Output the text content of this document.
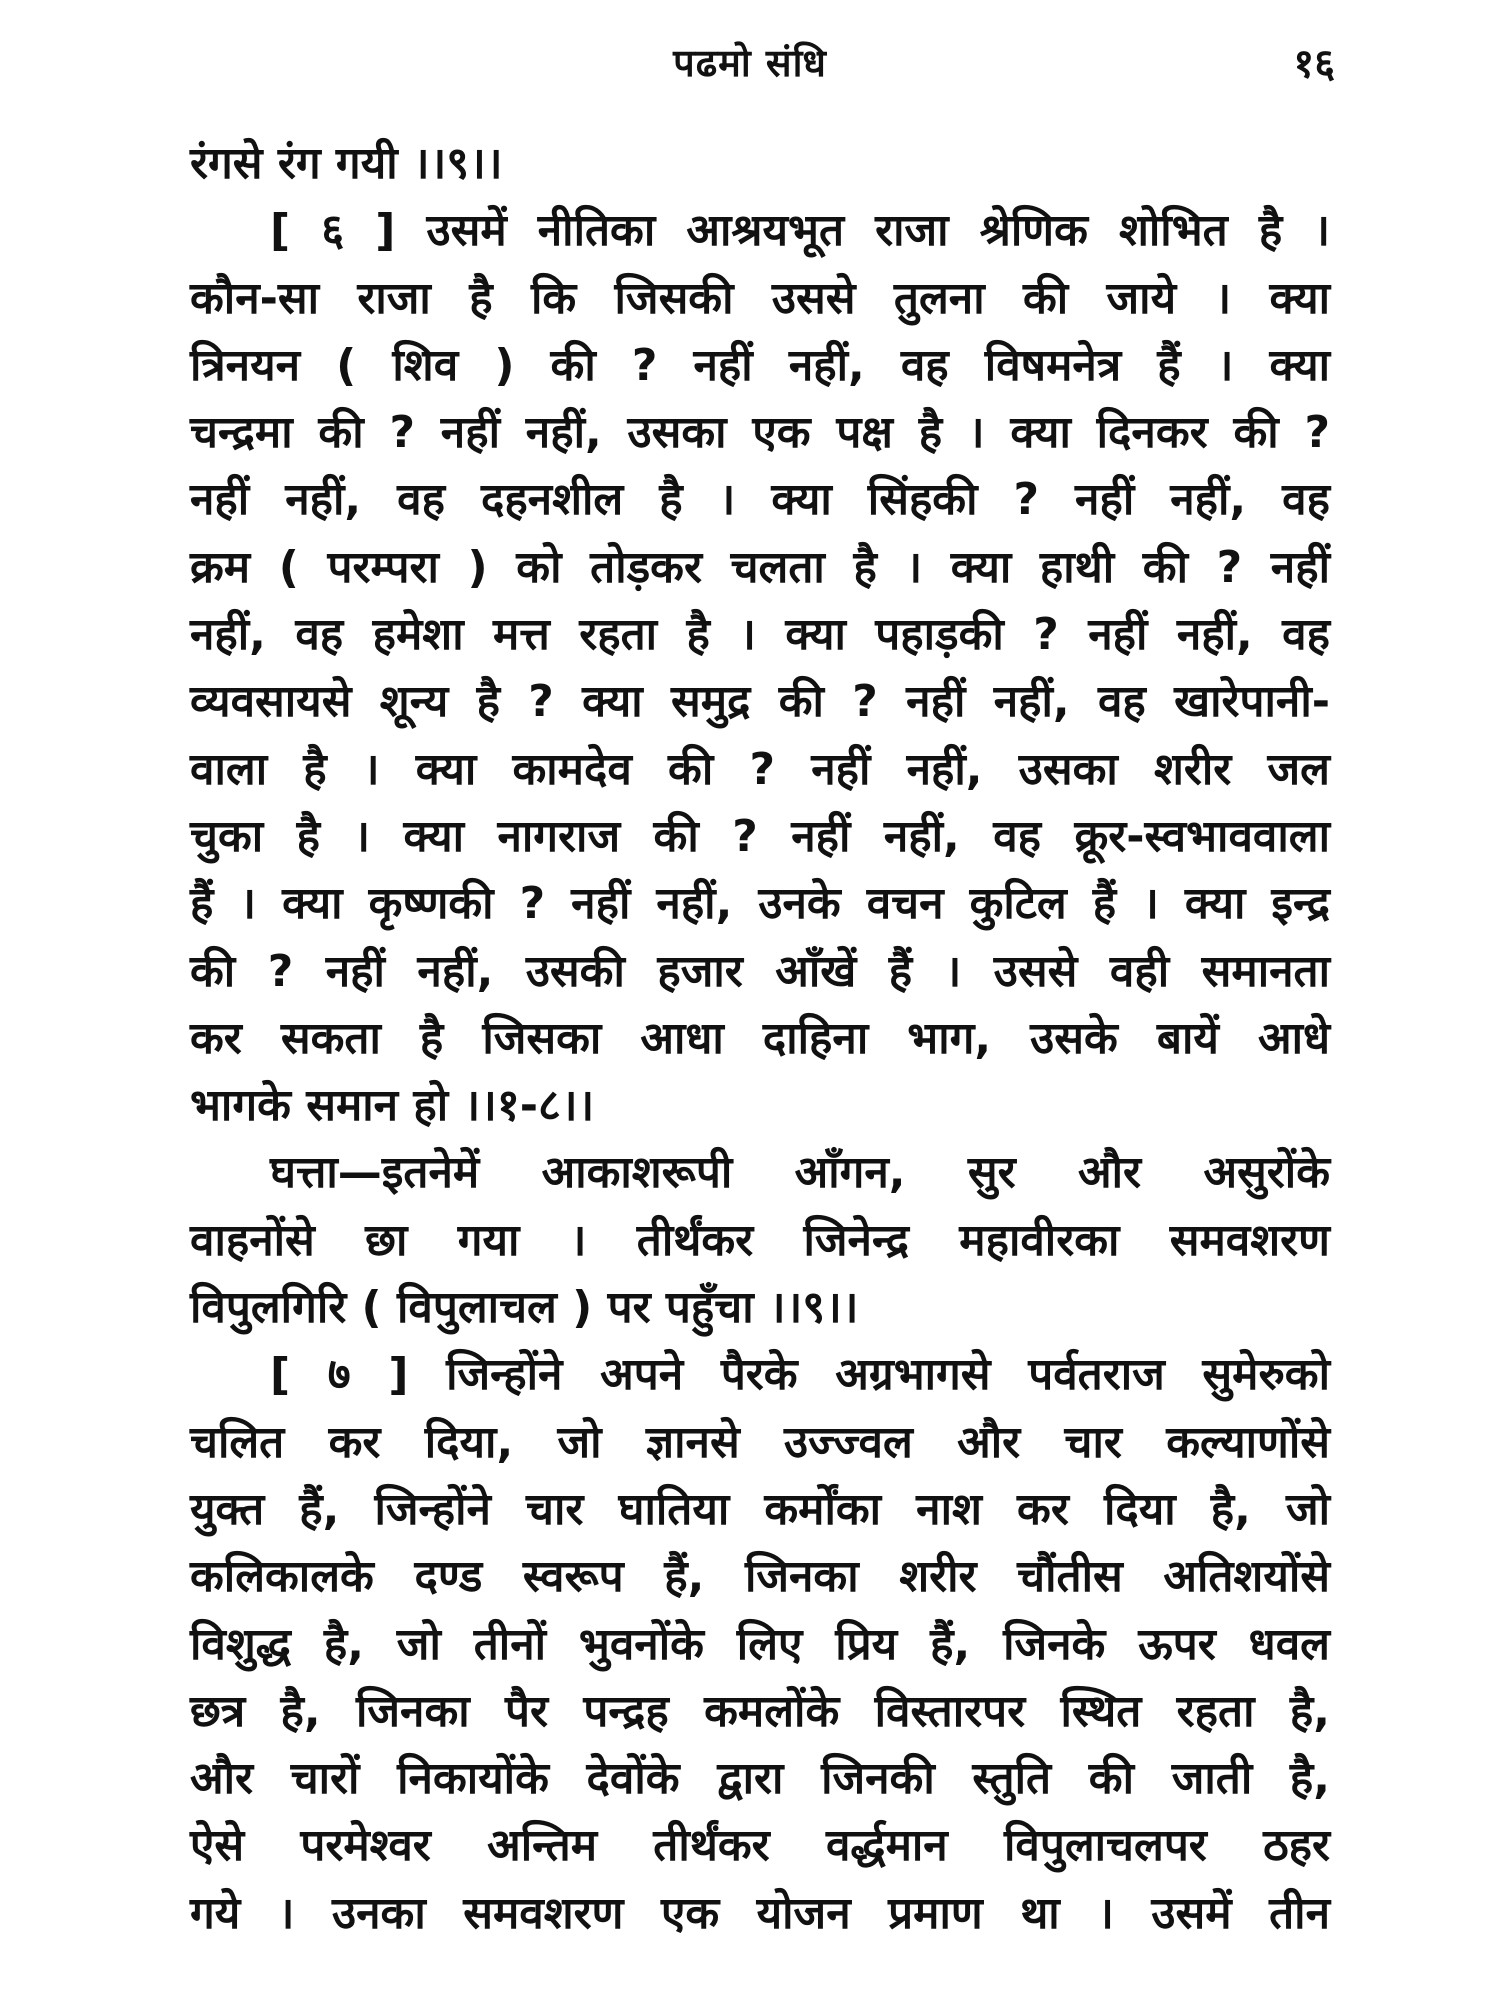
पढमो संधि	१६
रंगसे रंग गयी ।।९।।
[ ६ ] उसमें नीतिका आश्रयभूत राजा श्रेणिक शोभित है ।
कौन-सा राजा है कि जिसकी उससे तुलना की जाये । क्या
त्रिनयन ( शिव ) की ? नहीं नहीं, वह विषमनेत्र हैं । क्या
चन्द्रमा की ? नहीं नहीं, उसका एक पक्ष है । क्या दिनकर की ?
नहीं नहीं, वह दहनशील है । क्या सिंहकी ? नहीं नहीं, वह
क्रम ( परम्परा ) को तोड़कर चलता है । क्या हाथी की ? नहीं
नहीं, वह हमेशा मत्त रहता है । क्या पहाड़की ? नहीं नहीं, वह
व्यवसायसे शून्य है ? क्या समुद्र की ? नहीं नहीं, वह खारेपानी-
वाला है । क्या कामदेव की ? नहीं नहीं, उसका शरीर जल
चुका है । क्या नागराज की ? नहीं नहीं, वह क्रूर-स्वभाववाला
हैं । क्या कृष्णकी ? नहीं नहीं, उनके वचन कुटिल हैं । क्या इन्द्र
की ? नहीं नहीं, उसकी हजार आँखें हैं । उससे वही समानता
कर सकता है जिसका आधा दाहिना भाग, उसके बायें आधे
भागके समान हो ।।१-८।।
घत्ता—इतनेमें आकाशरूपी आँगन, सुर और असुरोंके
वाहनोंसे छा गया । तीर्थंकर जिनेन्द्र महावीरका समवशरण
विपुलगिरि ( विपुलाचल ) पर पहुँचा ।।९।।
[ ७ ] जिन्होंने अपने पैरके अग्रभागसे पर्वतराज सुमेरुको
चलित कर दिया, जो ज्ञानसे उज्ज्वल और चार कल्याणोंसे
युक्त हैं, जिन्होंने चार घातिया कर्मोंका नाश कर दिया है, जो
कलिकालके दण्ड स्वरूप हैं, जिनका शरीर चौंतीस अतिशयोंसे
विशुद्ध है, जो तीनों भुवनोंके लिए प्रिय हैं, जिनके ऊपर धवल
छत्र है, जिनका पैर पन्द्रह कमलोंके विस्तारपर स्थित रहता है,
और चारों निकायोंके देवोंके द्वारा जिनकी स्तुति की जाती है,
ऐसे परमेश्वर अन्तिम तीर्थंकर वर्द्धमान विपुलाचलपर ठहर
गये । उनका समवशरण एक योजन प्रमाण था । उसमें तीन
